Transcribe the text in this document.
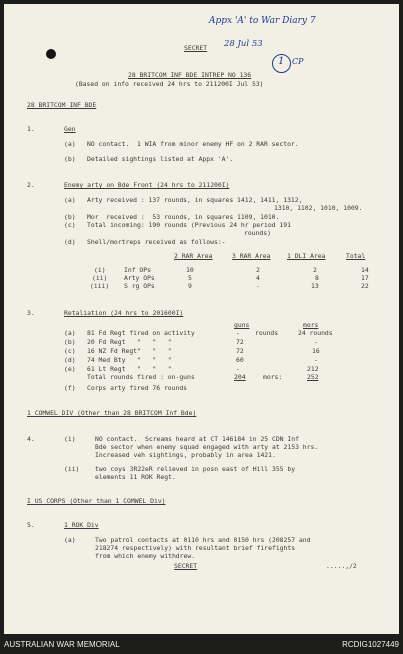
Appx 'A' to War Diary 7
28 Jul 53
1 CP
SECRET
28 BRITCOM INF BDE INTREP NO 136
(Based on info received 24 hrs to 211200I Jul 53)
28 BRITCOM INF BDE
1.	Gen
(a) NO contact.  1 WIA from minor enemy HF on 2 RAR sector.
(b) Detailed sightings listed at Appx 'A'.
2.	Enemy arty on Bde Front (24 hrs to 211200I)
(a) Arty received : 137 rounds, in squares 1412, 1411, 1312,
1310, 1102, 1010, 1009.
(b) Mor  received :  53 rounds, in squares 1109, 1010.
(c) Total incoming: 190 rounds (Previous 24 hr period 191
rounds)
(d) Shell/mortreps received as follows:-
2 RAR Area	3 RAR Area	1 DLI Area	Total
(i)	Inf OPs	10	2	2	14
(ii)	Arty OPs	5	4	8	17
(iii) S rg OPs	9	-	13	22
3.	Retaliation (24 hrs to 201600I)
guns	mors
(a) 81 Fd Regt fired on activity	- rounds	24 rounds
(b) 20 Fd Regt   "   "   "	72	-
(c) 16 NZ Fd Regt"   "   "	72	16
(d) 74 Med Bty   "   "   "	60	-
(e) 61 Lt Regt   "   "   "	-	212
Total rounds fired : on-guns	204	mors:	252
(f) Corps arty fired 76 rounds
1 COMWEL DIV (Other than 28 BRITCOM Inf Bde)
4.	(i)	NO contact.  Screams heard at CT 146184 in 25 CDN Inf
Bde sector when enemy squad engaged with arty at 2153 hrs.
Increased veh sightings, probably in area 1421.
(ii) two coys 3R22eR relieved in posn east of Hill 355 by
elements 11 ROK Regt.
I US CORPS (Other than 1 COMWEL Div)
5.	1 ROK Div
(a)	Two patrol contacts at 0110 hrs and 0150 hrs (208257 and
218274 respectively) with resultant brief firefights
from which enemy withdrew.
SECRET	.....,/2
AUSTRALIAN WAR MEMORIAL	RCDIG1027449
